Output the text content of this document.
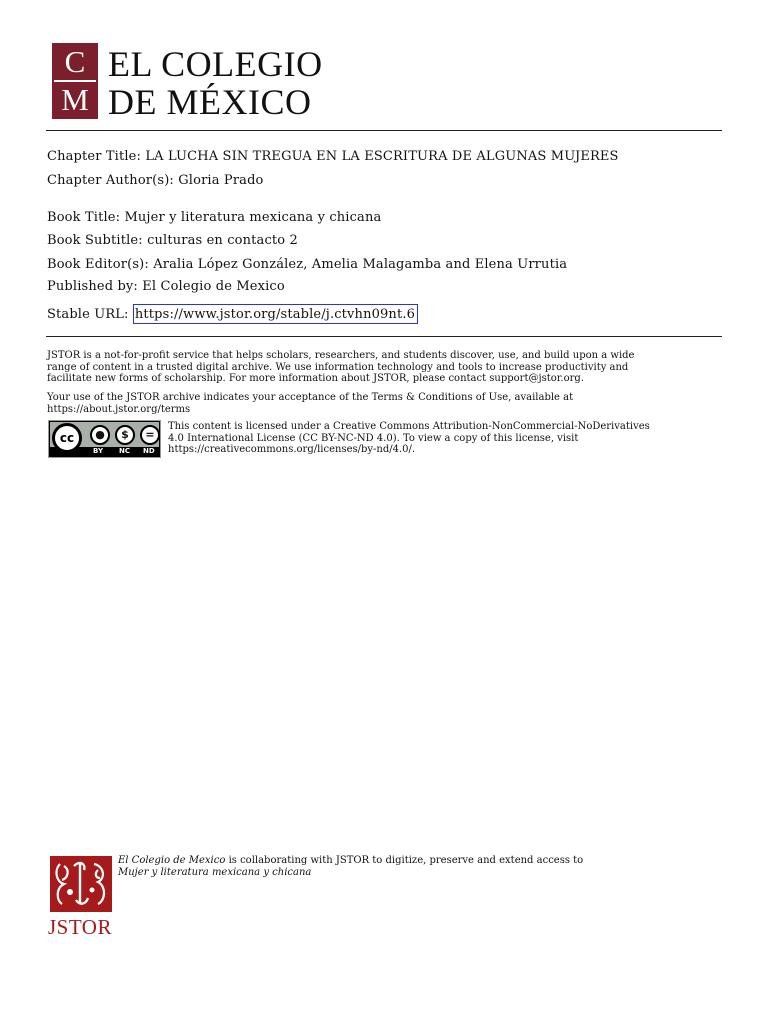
C
M
EL COLEGIO
DE MÉXICO
Chapter Title: LA LUCHA SIN TREGUA EN LA ESCRITURA DE ALGUNAS MUJERES
Chapter Author(s): Gloria Prado
Book Title: Mujer y literatura mexicana y chicana
Book Subtitle: culturas en contacto 2
Book Editor(s): Aralia López González, Amelia Malagamba and Elena Urrutia
Published by: El Colegio de Mexico
Stable URL: https://www.jstor.org/stable/j.ctvhn09nt.6

JSTOR is a not-for-profit service that helps scholars, researchers, and students discover, use, and build upon a wide

range of content in a trusted digital archive. We use information technology and tools to increase productivity and

facilitate new forms of scholarship. For more information about JSTOR, please contact support@jstor.org.

Your use of the JSTOR archive indicates your acceptance of the Terms & Conditions of Use, available at

https://about.jstor.org/terms

cc	●	$	=
BY NC ND

This content is licensed under a Creative Commons Attribution-NonCommercial-NoDerivatives

4.0 International License (CC BY-NC-ND 4.0). To view a copy of this license, visit

https://creativecommons.org/licenses/by-nd/4.0/.

JSTOR

El Colegio de Mexico is collaborating with JSTOR to digitize, preserve and extend access to

Mujer y literatura mexicana y chicana
